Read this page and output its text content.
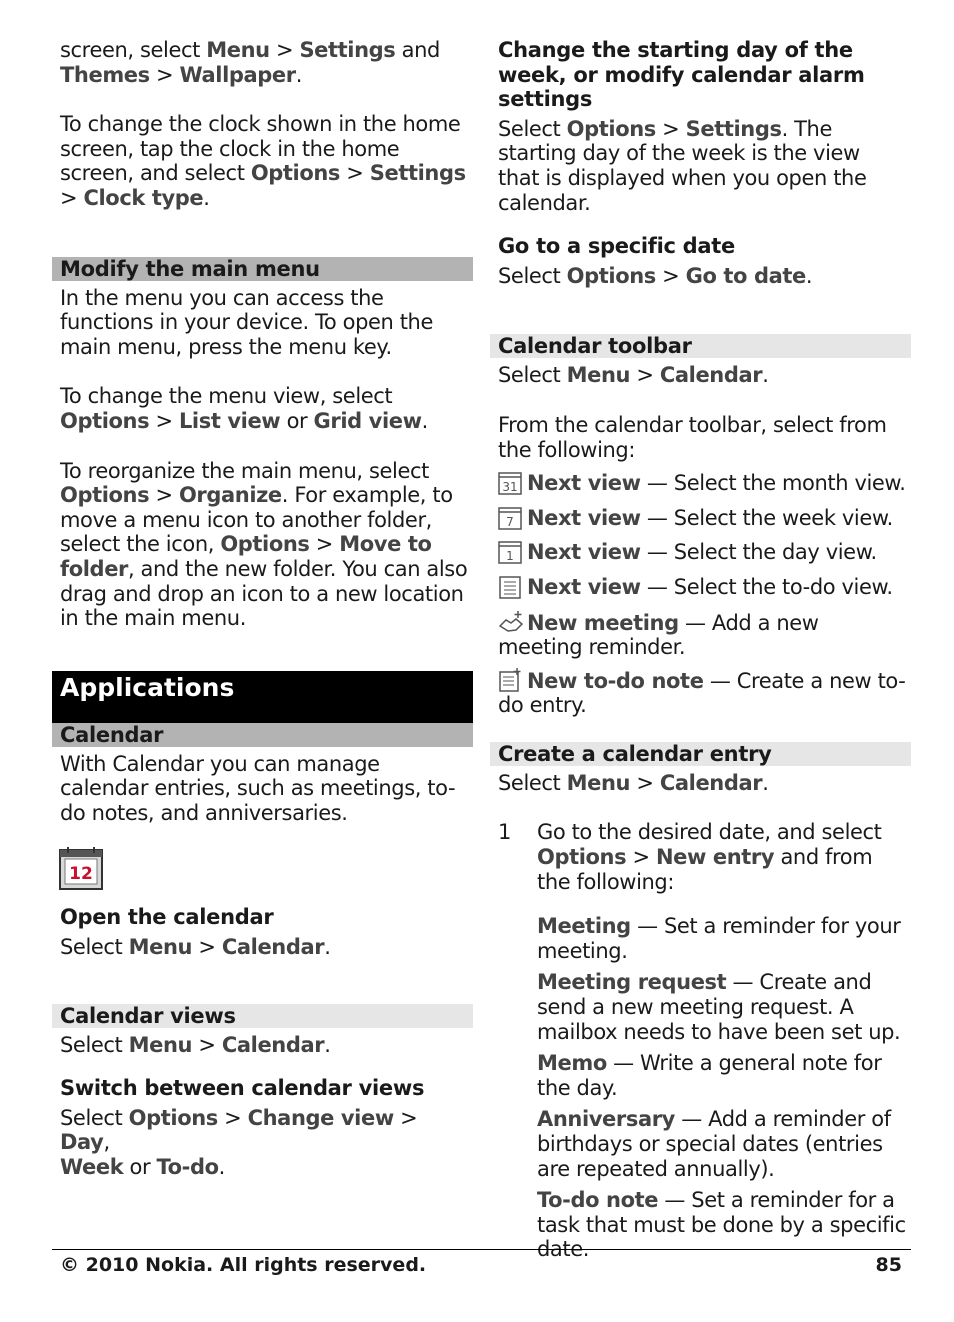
screen, select Menu > Settings and
Themes > Wallpaper.

To change the clock shown in the home screen, tap the clock in the home screen, and select Options > Settings > Clock type.

Modify the main menu

In the menu you can access the functions in your device. To open the main menu, press the menu key.

To change the menu view, select
Options > List view or Grid view.

To reorganize the main menu, select Options > Organize. For example, to move a menu icon to another folder, select the icon, Options > Move to folder, and the new folder. You can also drag and drop an icon to a new location in the main menu.

Applications
Calendar

With Calendar you can manage calendar entries, such as meetings, to-do notes, and anniversaries.

12
Open the calendar

Select Menu > Calendar.

Calendar views

Select Menu > Calendar.

Switch between calendar views

Select Options > Change view > Day,
Week or To-do.

Change the starting day of the week, or modify calendar alarm settings

Select Options > Settings. The starting day of the week is the view that is displayed when you open the calendar.

Go to a specific date

Select Options > Go to date.

Calendar toolbar

Select Menu > Calendar.

From the calendar toolbar, select from the following:

31 Next view — Select the month view.

7 Next view — Select the week view.

1 Next view — Select the day view.

Next view — Select the to-do view.

New meeting — Add a new meeting reminder.

New to-do note — Create a new to-do entry.

Create a calendar entry

Select Menu > Calendar.

1	Go to the desired date, and select Options > New entry and from the following:

Meeting — Set a reminder for your meeting.

Meeting request — Create and send a new meeting request. A mailbox needs to have been set up.

Memo — Write a general note for the day.

Anniversary — Add a reminder of birthdays or special dates (entries are repeated annually).

To-do note — Set a reminder for a task that must be done by a specific date.

© 2010 Nokia. All rights reserved.	85
